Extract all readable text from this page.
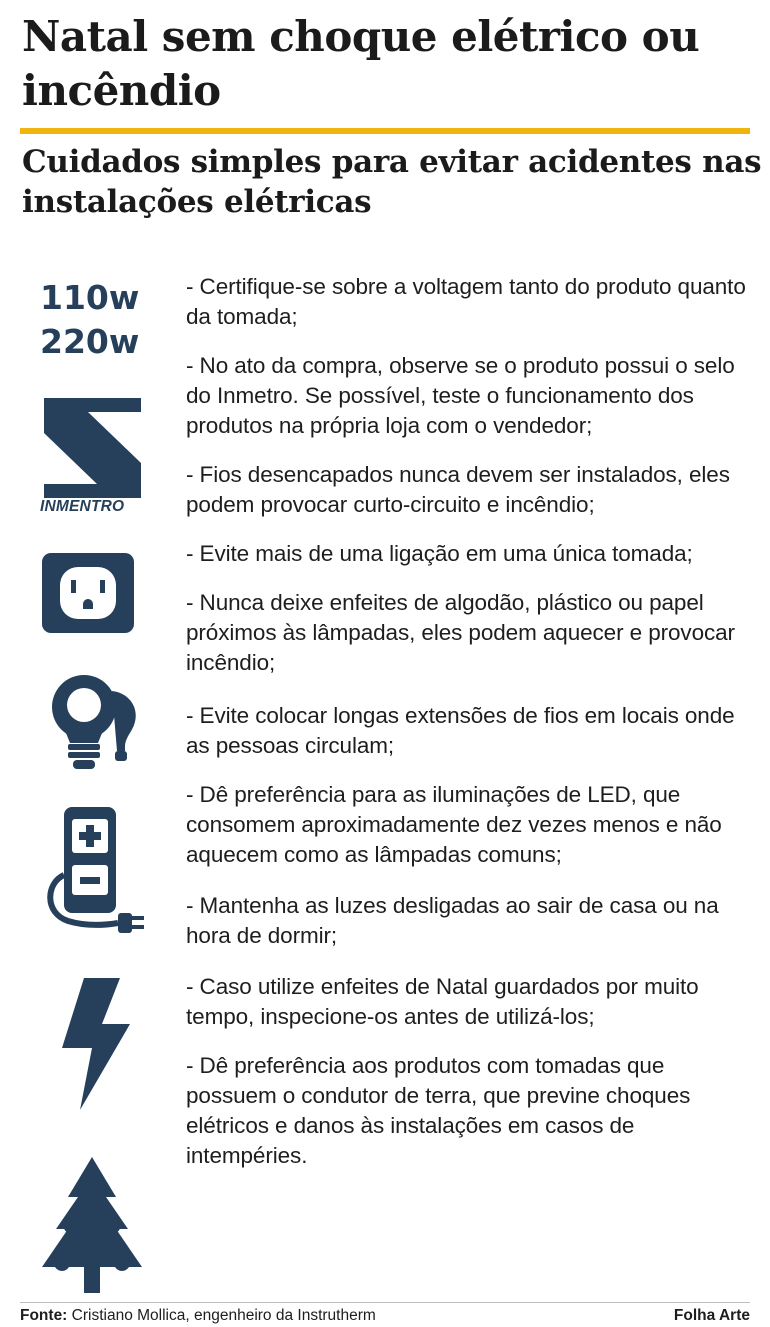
Natal sem choque elétrico ou incêndio
Cuidados simples para evitar acidentes nas instalações elétricas
110w
220w
INMENTRO
- Certifique-se sobre a voltagem tanto do produto quanto da tomada;
- No ato da compra, observe se o produto possui o selo do Inmetro. Se possível, teste o funcionamento dos produtos na própria loja com o vendedor;
- Fios desencapados nunca devem ser instalados, eles podem provocar curto-circuito e incêndio;
- Evite mais de uma ligação em uma única tomada;
- Nunca deixe enfeites de algodão, plástico ou papel próximos às lâmpadas, eles podem aquecer e provocar incêndio;
- Evite colocar longas extensões de fios em locais onde as pessoas circulam;
- Dê preferência para as iluminações de LED, que consomem aproximadamente dez vezes menos e não aquecem como as lâmpadas comuns;
- Mantenha as luzes desligadas ao sair de casa ou na hora de dormir;
- Caso utilize enfeites de Natal guardados por muito tempo, inspecione-os antes de utilizá-los;
- Dê preferência aos produtos com tomadas que possuem o condutor de terra, que previne choques elétricos e danos às instalações em casos de intempéries.
Fonte: Cristiano Mollica, engenheiro da Instrutherm	Folha Arte
